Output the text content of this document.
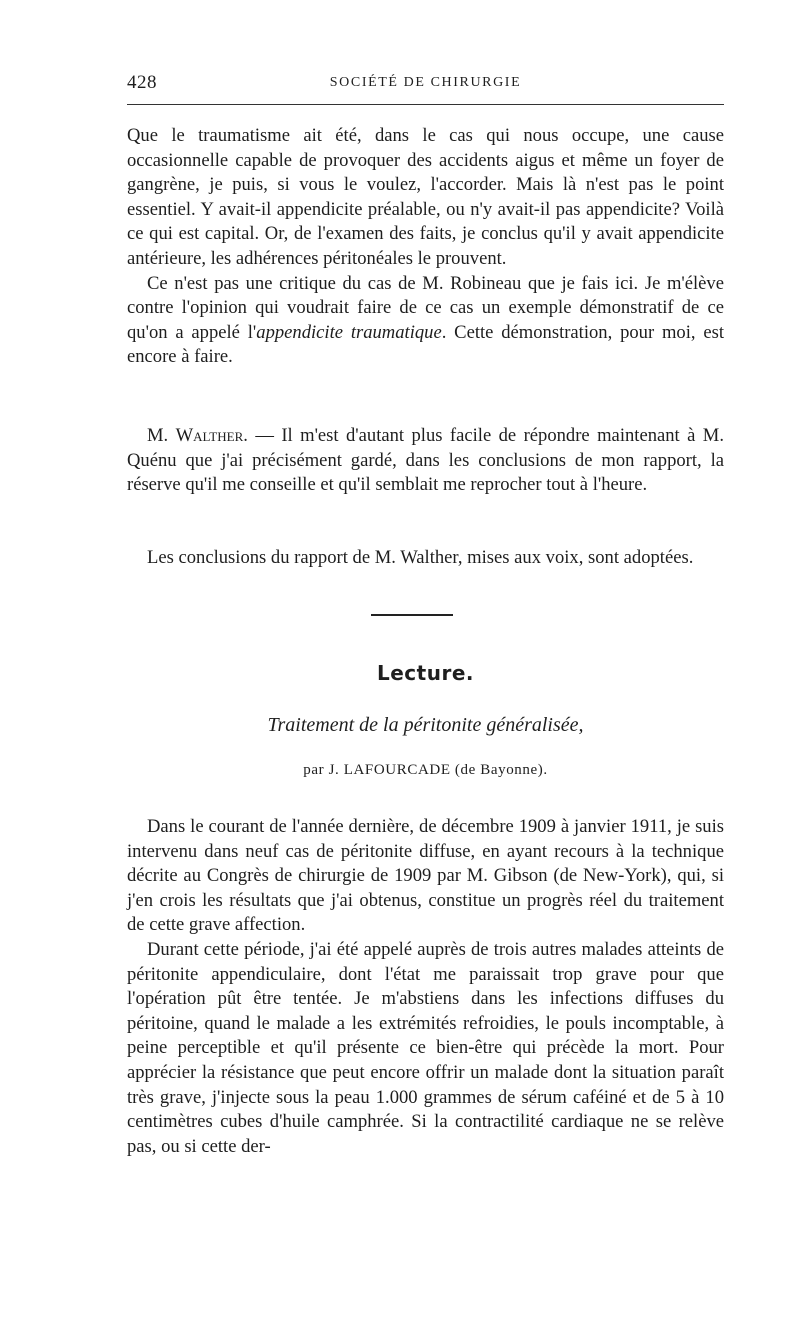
428	SOCIÉTÉ DE CHIRURGIE

Que le traumatisme ait été, dans le cas qui nous occupe, une cause occasionnelle capable de provoquer des accidents aigus et même un foyer de gangrène, je puis, si vous le voulez, l'accorder. Mais là n'est pas le point essentiel. Y avait-il appendicite préalable, ou n'y avait-il pas appendicite? Voilà ce qui est capital. Or, de l'examen des faits, je conclus qu'il y avait appendicite antérieure, les adhérences péritonéales le prouvent.

Ce n'est pas une critique du cas de M. Robineau que je fais ici. Je m'élève contre l'opinion qui voudrait faire de ce cas un exemple démonstratif de ce qu'on a appelé l'appendicite traumatique. Cette démonstration, pour moi, est encore à faire.

M. Walther. — Il m'est d'autant plus facile de répondre maintenant à M. Quénu que j'ai précisément gardé, dans les conclusions de mon rapport, la réserve qu'il me conseille et qu'il semblait me reprocher tout à l'heure.

Les conclusions du rapport de M. Walther, mises aux voix, sont adoptées.

Lecture.
Traitement de la péritonite généralisée,
par J. LAFOURCADE (de Bayonne).

Dans le courant de l'année dernière, de décembre 1909 à janvier 1911, je suis intervenu dans neuf cas de péritonite diffuse, en ayant recours à la technique décrite au Congrès de chirurgie de 1909 par M. Gibson (de New-York), qui, si j'en crois les résultats que j'ai obtenus, constitue un progrès réel du traitement de cette grave affection.

Durant cette période, j'ai été appelé auprès de trois autres malades atteints de péritonite appendiculaire, dont l'état me paraissait trop grave pour que l'opération pût être tentée. Je m'abstiens dans les infections diffuses du péritoine, quand le malade a les extrémités refroidies, le pouls incomptable, à peine perceptible et qu'il présente ce bien-être qui précède la mort. Pour apprécier la résistance que peut encore offrir un malade dont la situation paraît très grave, j'injecte sous la peau 1.000 grammes de sérum caféiné et de 5 à 10 centimètres cubes d'huile camphrée. Si la contractilité cardiaque ne se relève pas, ou si cette der-
